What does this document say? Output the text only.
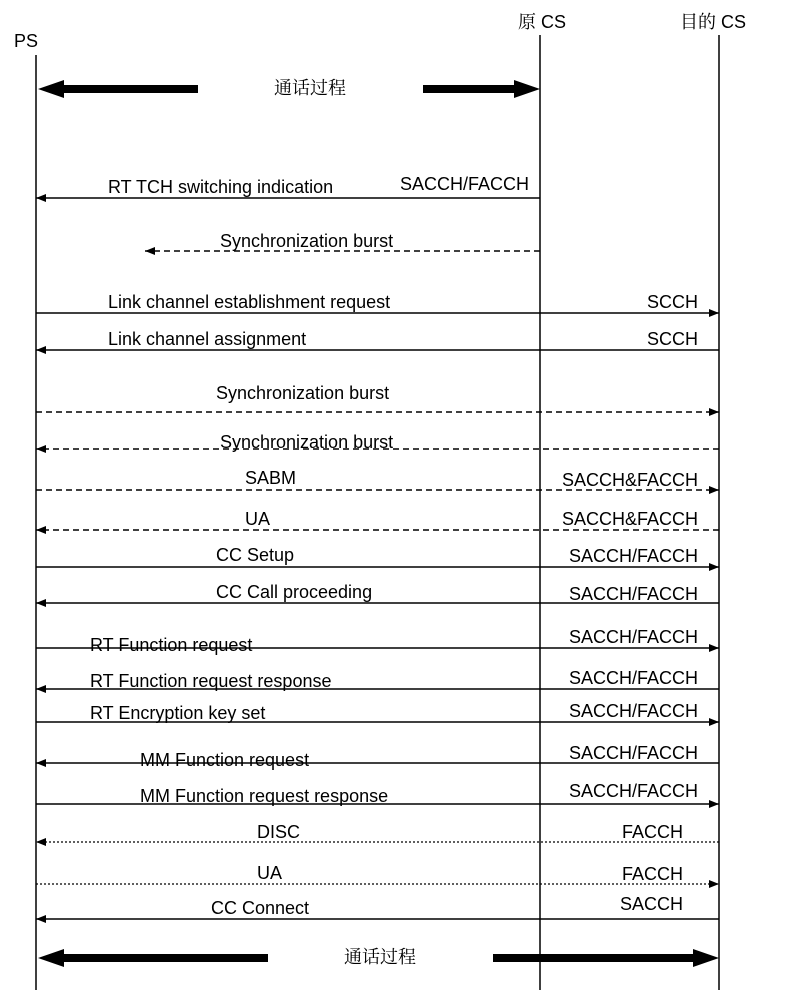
PS
原 CS	目的 CS
通话过程
RT TCH switching indication	SACCH/FACCH
Synchronization burst
Link channel establishment request	SCCH
Link channel assignment	SCCH
Synchronization burst
Synchronization burst
SABM	SACCH&FACCH
UA	SACCH&FACCH
CC Setup	SACCH/FACCH
CC Call proceeding	SACCH/FACCH
RT Function request	SACCH/FACCH
RT Function request response	SACCH/FACCH
RT Encryption key set	SACCH/FACCH
MM Function request	SACCH/FACCH
MM Function request response	SACCH/FACCH
DISC	FACCH
UA	FACCH
CC Connect	SACCH
通话过程
